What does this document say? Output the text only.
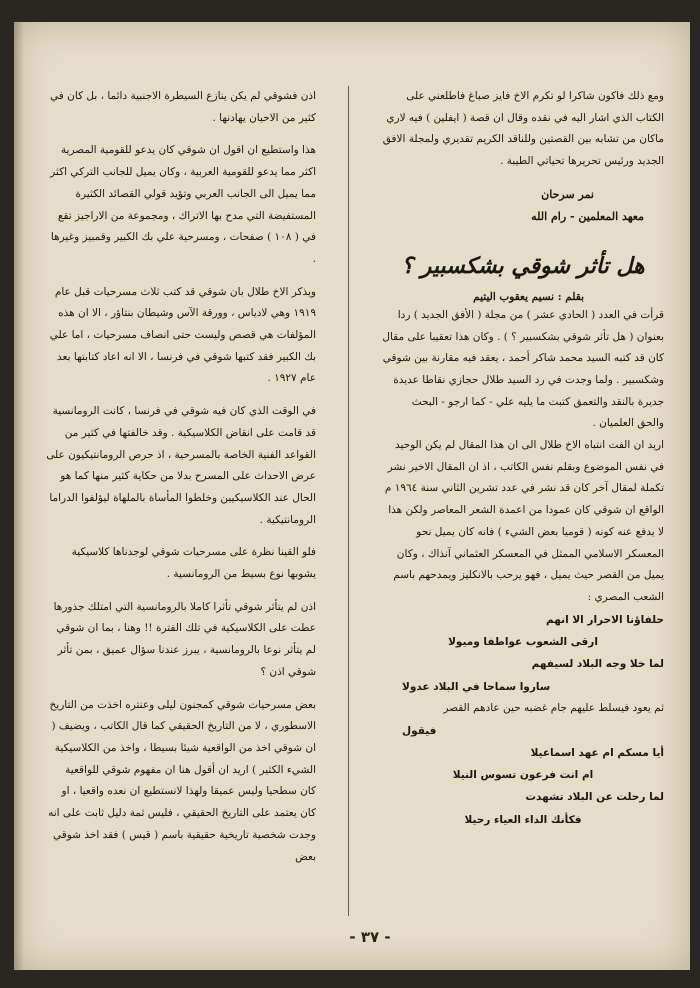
ومع ذلك فاكون شاكرا لو تكرم الاخ فايز صباغ فاطلعني على الكتاب الذي اشار اليه في نقده وقال ان قصة ( ايفلين ) فيه لاري ماكان من تشابه بين القصتين وللناقد الكريم تقديري ولمجلة الافق الجديد ورئيس تحريرها تحياتي الطيبة .

نمر سرحان

معهد المعلمين - رام الله

هل تأثر شوقي بشكسبير ؟

بقلم : نسيم يعقوب اليتيم

قرأت في العدد ( الحادي عشر ) من مجلة ( الأفق الجديد ) ردا بعنوان ( هل تأثر شوقي بشكسبير ؟ ) . وكان هذا تعقيبا على مقال كان قد كتبه السيد محمد شاكر أحمد ، يعقد فيه مقارنة بين شوقي وشكسبير . ولما وجدت في رد السيد طلال حجازي نقاطا عديدة جديرة بالنقد والتعمق كتبت ما يليه علي - كما ارجو - البحث والحق العلميان .

اريد ان الفت انتباه الاخ طلال الى ان هذا المقال لم يكن الوحيد في نفس الموضوع وبقلم نفس الكاتب ، اذ ان المقال الاخير نشر تكملة لمقال آخر كان قد نشر في عدد تشرين الثاني سنة ١٩٦٤ م

الواقع ان شوقي كان عمودا من اعمدة الشعر المعاصر ولكن هذا لا يدفع عنه كونه ( قوميا بعض الشيء ) فانه كان يميل نحو المعسكر الاسلامي الممثل في المعسكر العثماني آنذاك ، وكان يميل من القصر حيث يميل ، فهو يرحب بالانكليز ويمدحهم باسم الشعب المصري :

حلفاؤنا الاحرار الا انهم

ارقى الشعوب عواطفا وميولا

لما خلا وجه البلاد لسيفهم

ساروا سماحا في البلاد عدولا

ثم يعود فيسلط عليهم جام غضبه حين عادهم القصر

فيقول

أيا مسكم ام عهد اسماعيلا

ام انت فرعون تسوس النيلا

لما رحلت عن البلاد تشهدت

فكأنك الداء العياء رحيلا

اذن فشوقي لم يكن ينازع السيطرة الاجنبية دائما ، بل كان في كثير من الاحيان يهادنها .

هذا واستطيع ان اقول ان شوقي كان يدعو للقومية المصرية اكثر مما يدعو للقومية العربية ، وكان يميل للجانب التركي اكثر مما يميل الى الجانب العربي وتؤيد قولي القصائد الكثيرة المستفيضة التي مدح بها الاتراك ، ومجموعة من الاراجيز تقع في ( ١٠٨ ) صفحات ، ومسرحية علي بك الكبير وقمبيز وغيرها .

ويذكر الاخ طلال بان شوقي قد كتب ثلاث مسرحيات قبل عام ١٩١٩ وهي لادياس ، وورقة الآس وشيطان بنتاؤر ، الا ان هذه المؤلفات هي قصص وليست حتى انصاف مسرحيات ، اما علي بك الكبير فقد كتبها شوقي في فرنسا ، الا انه اعاد كتابتها بعد عام ١٩٢٧ .

في الوقت الذي كان فيه شوقي في فرنسا ، كانت الرومانسية قد قامت على انقاض الكلاسيكية . وقد خالفتها في كثير من القواعد الفنية الخاصة بالمسرحية ، اذ حرص الرومانتيكيون على عرض الاحداث على المسرح بدلا من حكاية كثير منها كما هو الحال عند الكلاسيكيين وخلطوا المأساة بالملهاة ليؤلفوا الدراما الرومانتيكية .

فلو القينا نظرة على مسرحيات شوقي لوجدناها كلاسيكية يشوبها نوع بسيط من الرومانسية .

اذن لم يتأثر شوقي تأثرا كاملا بالرومانسية التي امتلك جذورها عطت على الكلاسيكية في تلك الفترة !! وهنا ، بما ان شوقي لم يتأثر نوعا بالرومانسية ، يبرز عندنا سؤال عميق ، بمن تأثر شوقي اذن ؟

بعض مسرحيات شوقي كمجنون ليلى وعنتره اخذت من التاريخ الاسطوري ، لا من التاريخ الحقيقي كما قال الكاتب ، ويضيف ( ان شوقي اخذ من الواقعية شيئا بسيطا ، واخذ من الكلاسيكية الشيء الكثير ) اريد ان أقول هنا ان مفهوم شوقي للواقعية كان سطحيا وليس عميقا ولهذا لانستطيع ان نعده واقعيا ، او كان يعتمد على التاريخ الحقيقي ، فليس ثمة دليل ثابت على انه وجدت شخصية تاريخية حقيقية باسم ( قيس ) فقد اخذ شوقي بعض

- ٣٧ -
